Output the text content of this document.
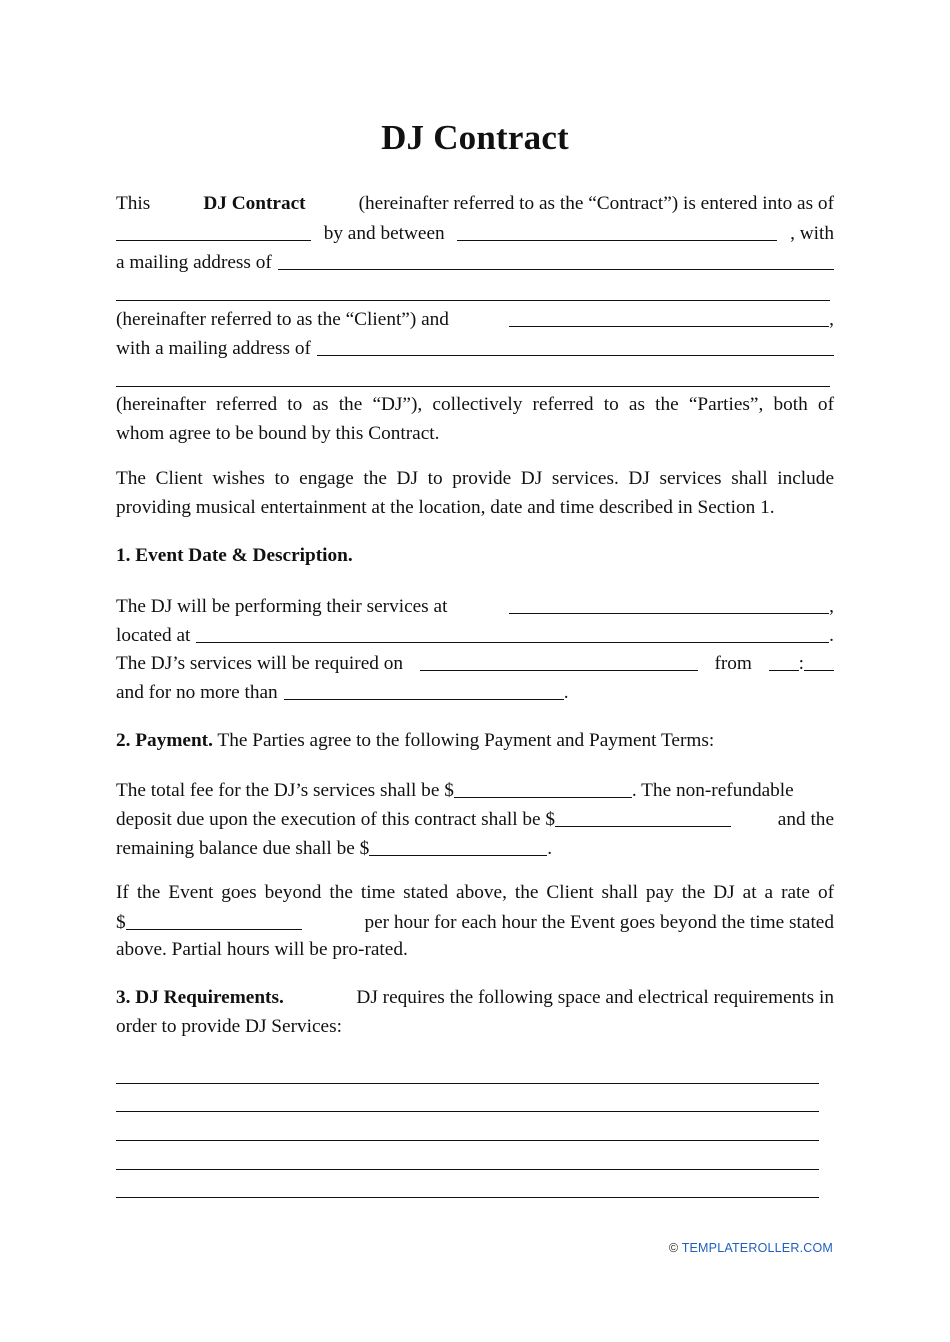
DJ Contract
This	DJ Contract	(hereinafter referred to as the “Contract”) is entered into as of
by and between	, with
a mailing address of
(hereinafter referred to as the “Client”) and	,
with a mailing address of
(hereinafter referred to as the “DJ”), collectively referred to as the “Parties”, both of
whom agree to be bound by this Contract.
The Client wishes to engage the DJ to provide DJ services. DJ services shall include
providing musical entertainment at the location, date and time described in Section 1.
1. Event Date & Description.
The DJ will be performing their services at	,
located at	.
The DJ’s services will be required on	from	:
and for no more than	.
2. Payment. The Parties agree to the following Payment and Payment Terms:
The total fee for the DJ’s services shall be $	. The non-refundable
deposit due upon the execution of this contract shall be $	and the
remaining balance due shall be $	.
If the Event goes beyond the time stated above, the Client shall pay the DJ at a rate of
$	per hour for each hour the Event goes beyond the time stated
above. Partial hours will be pro-rated.
3. DJ Requirements.	DJ requires the following space and electrical requirements in
order to provide DJ Services:
© TEMPLATEROLLER.COM
